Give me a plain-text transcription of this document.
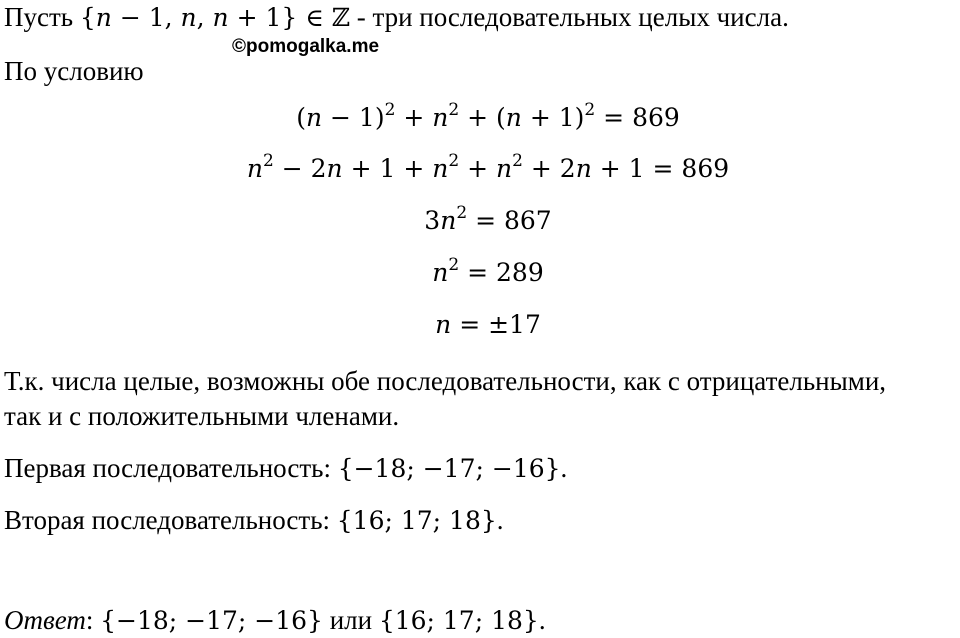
Пусть {n − 1, n, n + 1} ∈ ℤ - три последовательных целых числа.
©pomogalka.me
По условию
$(n - 1)^2 + n^2 + (n + 1)^2 = 869$
$n^2 - 2n + 1 + n^2 + n^2 + 2n + 1 = 869$
$3n^2 = 867$
$n^2 = 289$
n = ±17
Т.к. числа целые, возможны обе последовательности, как с отрицательными,
так и с положительными членами.
Первая последовательность: {−18; −17; −16}.
Вторая последовательность: {16; 17; 18}.
Ответ: {−18; −17; −16} или {16; 17; 18}.
